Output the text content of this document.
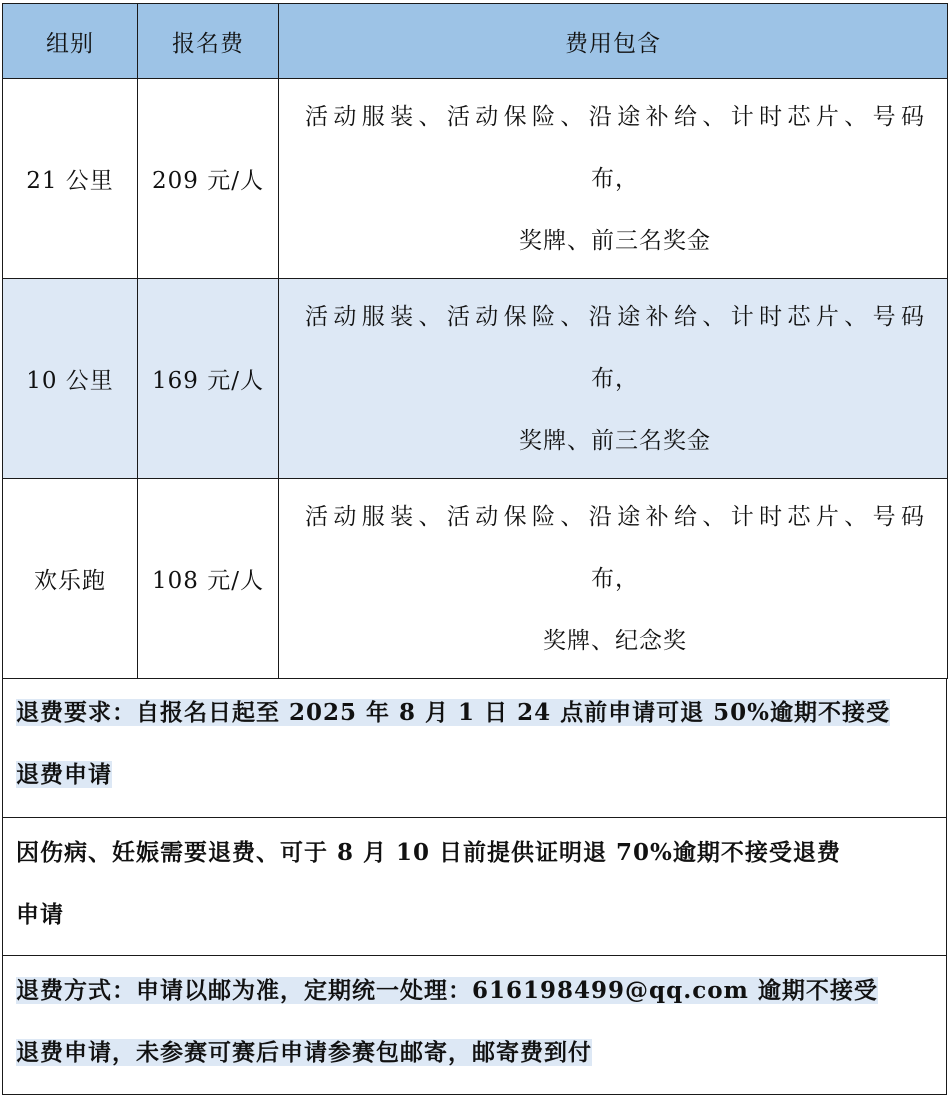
组别	报名费	费用包含
21 公里	209 元/人	活动服装、活动保险、沿途补给、计时芯片、号码
布，
奖牌、前三名奖金

10 公里	169 元/人	活动服装、活动保险、沿途补给、计时芯片、号码
布，
奖牌、前三名奖金

欢乐跑	108 元/人	活动服装、活动保险、沿途补给、计时芯片、号码
布，
奖牌、纪念奖
退费要求：自报名日起至 2025 年 8 月 1 日 24 点前申请可退 50%逾期不接受
退费申请
因伤病、妊娠需要退费、可于 8 月 10 日前提供证明退 70%逾期不接受退费
申请
退费方式：申请以邮为准，定期统一处理：616198499@qq.com 逾期不接受
退费申请，未参赛可赛后申请参赛包邮寄，邮寄费到付
